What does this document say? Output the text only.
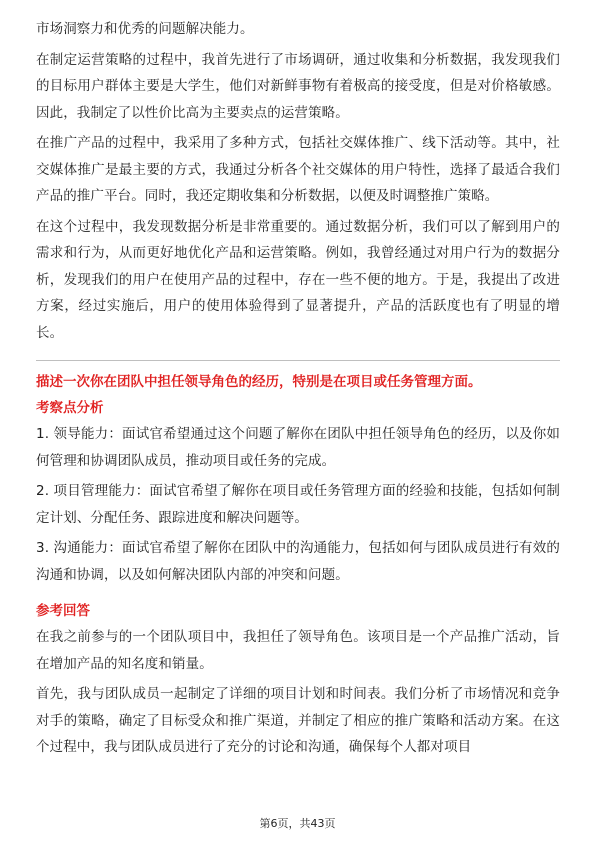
市场洞察力和优秀的问题解决能力。

在制定运营策略的过程中，我首先进行了市场调研，通过收集和分析数据，我发现我们的目标用户群体主要是大学生，他们对新鲜事物有着极高的接受度，但是对价格敏感。因此，我制定了以性价比高为主要卖点的运营策略。

在推广产品的过程中，我采用了多种方式，包括社交媒体推广、线下活动等。其中，社交媒体推广是最主要的方式，我通过分析各个社交媒体的用户特性，选择了最适合我们产品的推广平台。同时，我还定期收集和分析数据，以便及时调整推广策略。

在这个过程中，我发现数据分析是非常重要的。通过数据分析，我们可以了解到用户的需求和行为，从而更好地优化产品和运营策略。例如，我曾经通过对用户行为的数据分析，发现我们的用户在使用产品的过程中，存在一些不便的地方。于是，我提出了改进方案，经过实施后，用户的使用体验得到了显著提升，产品的活跃度也有了明显的增长。

描述一次你在团队中担任领导角色的经历，特别是在项目或任务管理方面。
考察点分析

1. 领导能力：面试官希望通过这个问题了解你在团队中担任领导角色的经历，以及你如何管理和协调团队成员，推动项目或任务的完成。

2. 项目管理能力：面试官希望了解你在项目或任务管理方面的经验和技能，包括如何制定计划、分配任务、跟踪进度和解决问题等。

3. 沟通能力：面试官希望了解你在团队中的沟通能力，包括如何与团队成员进行有效的沟通和协调，以及如何解决团队内部的冲突和问题。

参考回答

在我之前参与的一个团队项目中，我担任了领导角色。该项目是一个产品推广活动，旨在增加产品的知名度和销量。

首先，我与团队成员一起制定了详细的项目计划和时间表。我们分析了市场情况和竞争对手的策略，确定了目标受众和推广渠道，并制定了相应的推广策略和活动方案。在这个过程中，我与团队成员进行了充分的讨论和沟通，确保每个人都对项目

第6页，共43页
